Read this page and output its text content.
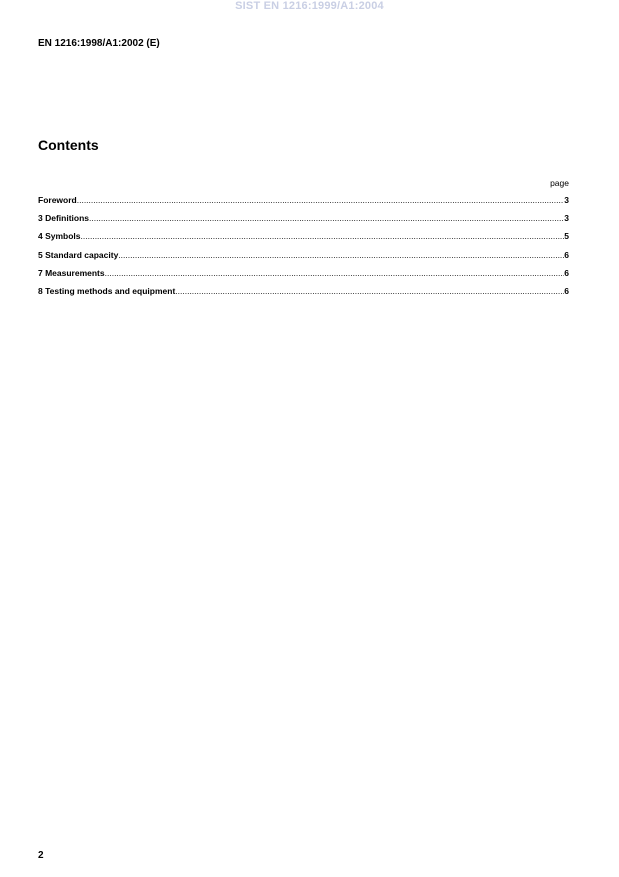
SIST EN 1216:1999/A1:2004
EN 1216:1998/A1:2002 (E)
Contents
page
Foreword .....	3
3 Definitions .....	3
4 Symbols .....	5
5 Standard capacity .....	6
7 Measurements .....	6
8 Testing methods and equipment .....	6
2
